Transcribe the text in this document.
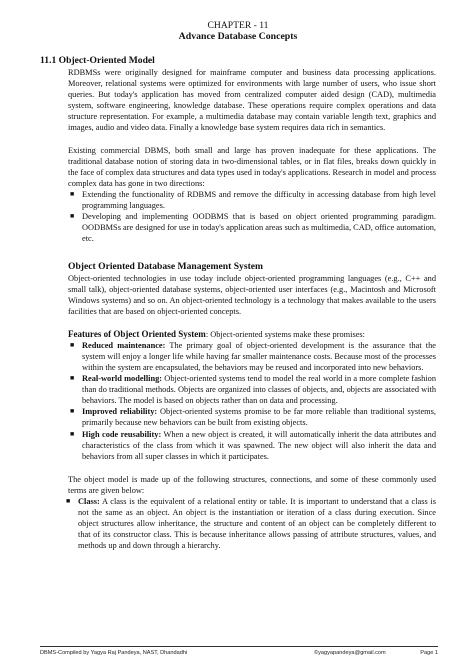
CHAPTER - 11
Advance Database Concepts

11.1 Object-Oriented Model

RDBMSs were originally designed for mainframe computer and business data processing applications. Moreover, relational systems were optimized for environments with large number of users, who issue short queries. But today's application has moved from centralized computer aided design (CAD), multimedia system, software engineering, knowledge database. These operations require complex operations and data structure representation. For example, a multimedia database may contain variable length text, graphics and images, audio and video data. Finally a knowledge base system requires data rich in semantics.

Existing commercial DBMS, both small and large has proven inadequate for these applications. The traditional database notion of storing data in two-dimensional tables, or in flat files, breaks down quickly in the face of complex data structures and data types used in today's applications. Research in model and process complex data has gone in two directions:

■ Extending the functionality of RDBMS and remove the difficulty in accessing database from high level programming languages.
■ Developing and implementing OODBMS that is based on object oriented programming paradigm. OODBMSs are designed for use in today's application areas such as multimedia, CAD, office automation, etc.

Object Oriented Database Management System

Object-oriented technologies in use today include object-oriented programming languages (e.g., C++ and small talk), object-oriented database systems, object-oriented user interfaces (e.g., Macintosh and Microsoft Windows systems) and so on. An object-oriented technology is a technology that makes available to the users facilities that are based on object-oriented concepts.

Features of Object Oriented System: Object-oriented systems make these promises:

■ Reduced maintenance: The primary goal of object-oriented development is the assurance that the system will enjoy a longer life while having far smaller maintenance costs. Because most of the processes within the system are encapsulated, the behaviors may be reused and incorporated into new behaviors.
■ Real-world modelling: Object-oriented systems tend to model the real world in a more complete fashion than do traditional methods. Objects are organized into classes of objects, and, objects are associated with behaviors. The model is based on objects rather than on data and processing.
■ Improved reliability: Object-oriented systems promise to be far more reliable than traditional systems, primarily because new behaviors can be built from existing objects.
■ High code reusability: When a new object is created, it will automatically inherit the data attributes and characteristics of the class from which it was spawned. The new object will also inherit the data and behaviors from all super classes in which it participates.

The object model is made up of the following structures, connections, and some of these commonly used terms are given below:

■ Class: A class is the equivalent of a relational entity or table. It is important to understand that a class is not the same as an object. An object is the instantiation or iteration of a class during execution. Since object structures allow inheritance, the structure and content of an object can be completely different to that of its constructor class. This is because inheritance allows passing of attribute structures, values, and methods up and down through a hierarchy.
DBMS-Compiled by Yagya Raj Pandeya, NAST, Dhandadhi	©yagyapandeya@gmail.com	Page 1
